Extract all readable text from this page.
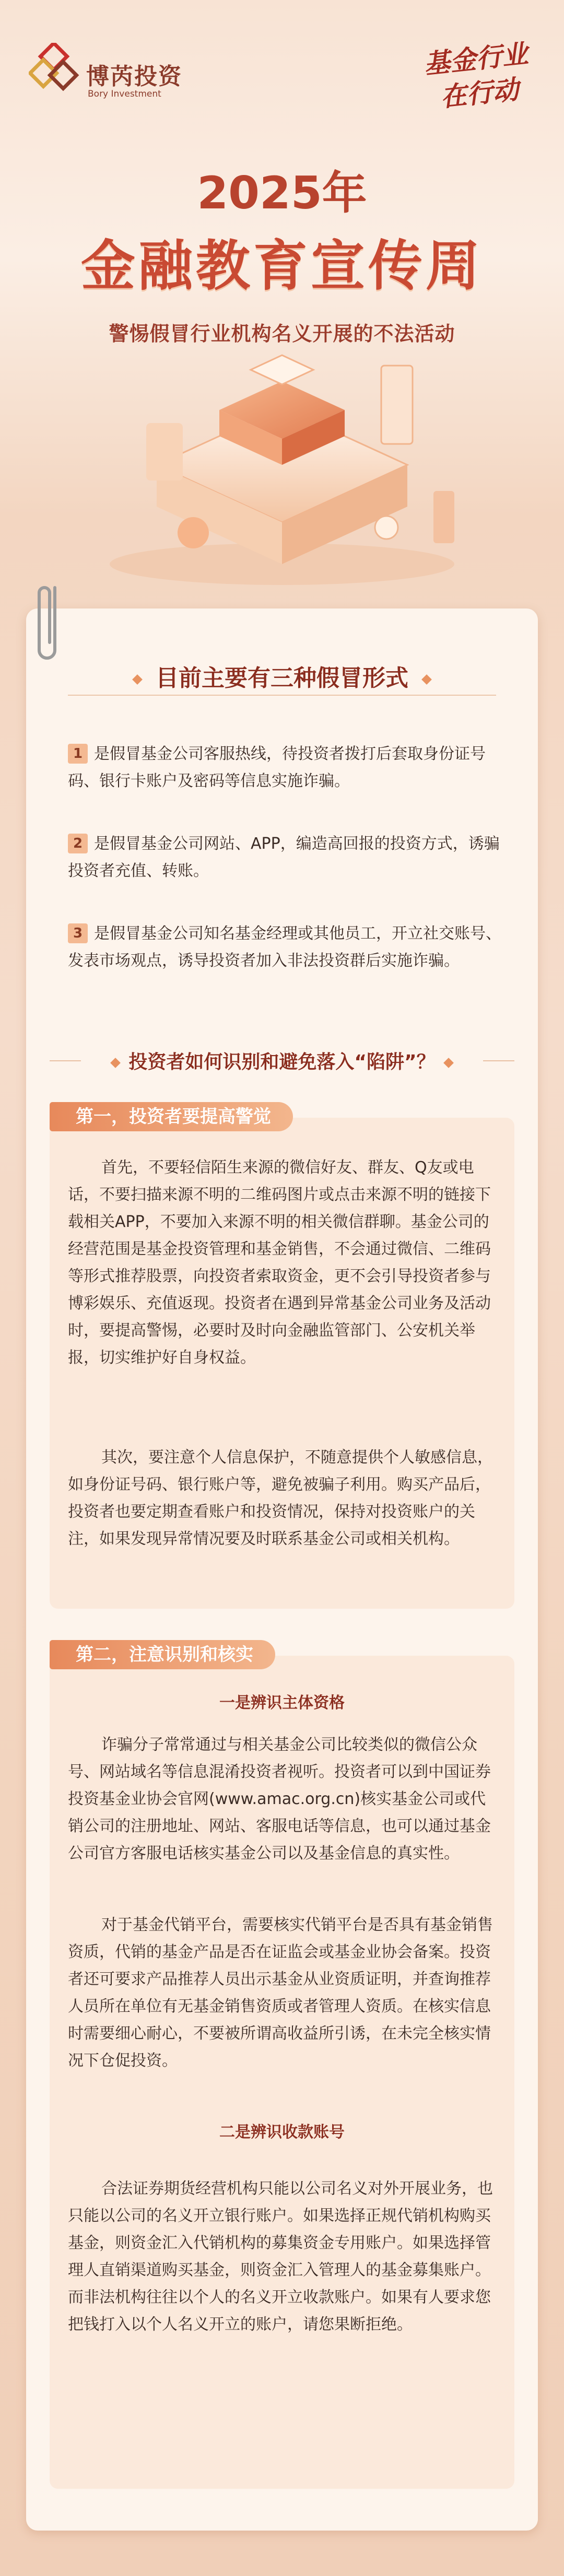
博芮投资
Bory Investment
基金行业
在行动
2025年
金融教育宣传周
警惕假冒行业机构名义开展的不法活动
目前主要有三种假冒形式
1 是假冒基金公司客服热线，待投资者拨打后套取身份证号码、银行卡账户及密码等信息实施诈骗。
2 是假冒基金公司网站、APP，编造高回报的投资方式，诱骗投资者充值、转账。
3 是假冒基金公司知名基金经理或其他员工，开立社交账号、发表市场观点，诱导投资者加入非法投资群后实施诈骗。
投资者如何识别和避免落入“陷阱”？
第一，投资者要提高警觉
首先，不要轻信陌生来源的微信好友、群友、Q友或电话，不要扫描来源不明的二维码图片或点击来源不明的链接下载相关APP，不要加入来源不明的相关微信群聊。基金公司的经营范围是基金投资管理和基金销售，不会通过微信、二维码等形式推荐股票，向投资者索取资金，更不会引导投资者参与博彩娱乐、充值返现。投资者在遇到异常基金公司业务及活动时，要提高警惕，必要时及时向金融监管部门、公安机关举报，切实维护好自身权益。
其次，要注意个人信息保护，不随意提供个人敏感信息，如身份证号码、银行账户等，避免被骗子利用。购买产品后，投资者也要定期查看账户和投资情况，保持对投资账户的关注，如果发现异常情况要及时联系基金公司或相关机构。
第二，注意识别和核实
一是辨识主体资格
诈骗分子常常通过与相关基金公司比较类似的微信公众号、网站域名等信息混淆投资者视听。投资者可以到中国证券投资基金业协会官网(www.amac.org.cn)核实基金公司或代销公司的注册地址、网站、客服电话等信息，也可以通过基金公司官方客服电话核实基金公司以及基金信息的真实性。
对于基金代销平台，需要核实代销平台是否具有基金销售资质，代销的基金产品是否在证监会或基金业协会备案。投资者还可要求产品推荐人员出示基金从业资质证明，并查询推荐人员所在单位有无基金销售资质或者管理人资质。在核实信息时需要细心耐心，不要被所谓高收益所引诱，在未完全核实情况下仓促投资。
二是辨识收款账号
合法证券期货经营机构只能以公司名义对外开展业务，也只能以公司的名义开立银行账户。如果选择正规代销机构购买基金，则资金汇入代销机构的募集资金专用账户。如果选择管理人直销渠道购买基金，则资金汇入管理人的基金募集账户。而非法机构往往以个人的名义开立收款账户。如果有人要求您把钱打入以个人名义开立的账户，请您果断拒绝。
